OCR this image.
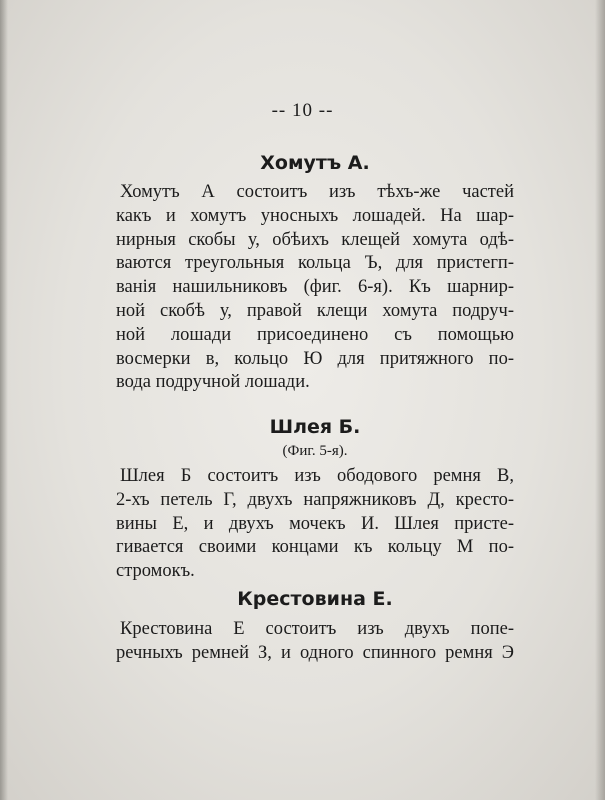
-- 10 --
Хомутъ А.

Хомутъ А состоитъ изъ тѣхъ-же частей
какъ и хомутъ уносныхъ лошадей. На шар-
нирныя скобы у, обѣихъ клещей хомута одѣ-
ваются треугольныя кольца Ъ, для пристегп-
ванія нашильниковъ (фиг. 6-я). Къ шарнир-
ной скобѣ у, правой клещи хомута подруч-
ной лошади присоединено съ помощью
восмерки в, кольцо Ю для притяжного по-
вода подручной лошади.

Шлея Б.
(Фиг. 5-я).

Шлея Б состоитъ изъ ободового ремня В,
2-хъ петель Г, двухъ напряжниковъ Д, кресто-
вины Е, и двухъ мочекъ И. Шлея присте-
гивается своими концами къ кольцу М по-
стромокъ.

Крестовина Е.

Крестовина Е состоитъ изъ двухъ попе-
речныхъ ремней З, и одного спинного ремня Э
